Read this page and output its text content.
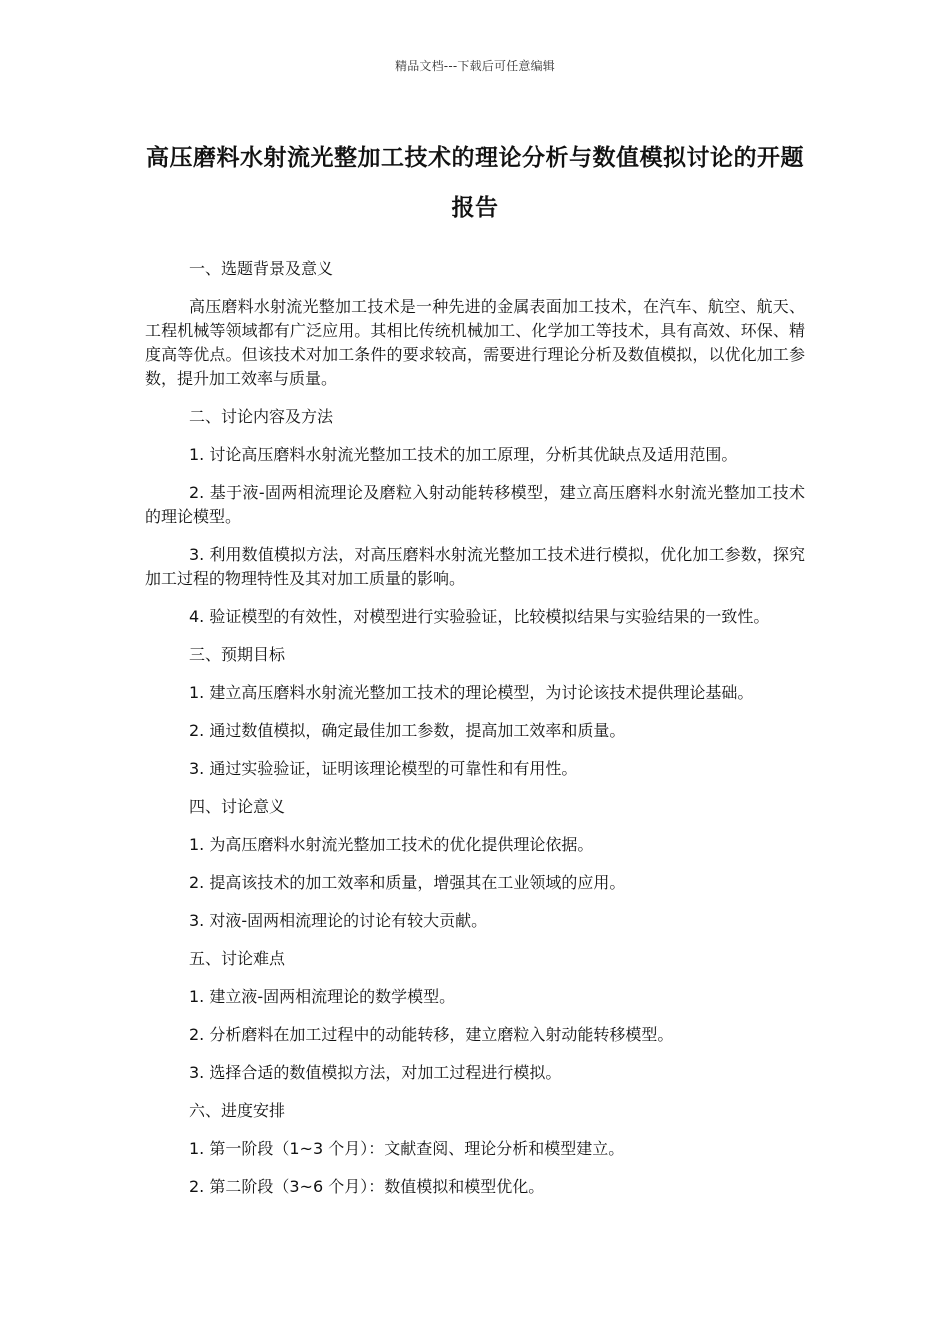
精品文档---下载后可任意编辑
高压磨料水射流光整加工技术的理论分析与数值模拟讨论的开题报告

一、选题背景及意义

高压磨料水射流光整加工技术是一种先进的金属表面加工技术，在汽车、航空、航天、工程机械等领域都有广泛应用。其相比传统机械加工、化学加工等技术，具有高效、环保、精度高等优点。但该技术对加工条件的要求较高，需要进行理论分析及数值模拟，以优化加工参数，提升加工效率与质量。

二、讨论内容及方法

1. 讨论高压磨料水射流光整加工技术的加工原理，分析其优缺点及适用范围。

2. 基于液-固两相流理论及磨粒入射动能转移模型，建立高压磨料水射流光整加工技术的理论模型。

3. 利用数值模拟方法，对高压磨料水射流光整加工技术进行模拟，优化加工参数，探究加工过程的物理特性及其对加工质量的影响。

4. 验证模型的有效性，对模型进行实验验证，比较模拟结果与实验结果的一致性。

三、预期目标

1. 建立高压磨料水射流光整加工技术的理论模型，为讨论该技术提供理论基础。

2. 通过数值模拟，确定最佳加工参数，提高加工效率和质量。

3. 通过实验验证，证明该理论模型的可靠性和有用性。

四、讨论意义

1. 为高压磨料水射流光整加工技术的优化提供理论依据。

2. 提高该技术的加工效率和质量，增强其在工业领域的应用。

3. 对液-固两相流理论的讨论有较大贡献。

五、讨论难点

1. 建立液-固两相流理论的数学模型。

2. 分析磨料在加工过程中的动能转移，建立磨粒入射动能转移模型。

3. 选择合适的数值模拟方法，对加工过程进行模拟。

六、进度安排

1. 第一阶段（1~3 个月）：文献查阅、理论分析和模型建立。

2. 第二阶段（3~6 个月）：数值模拟和模型优化。
